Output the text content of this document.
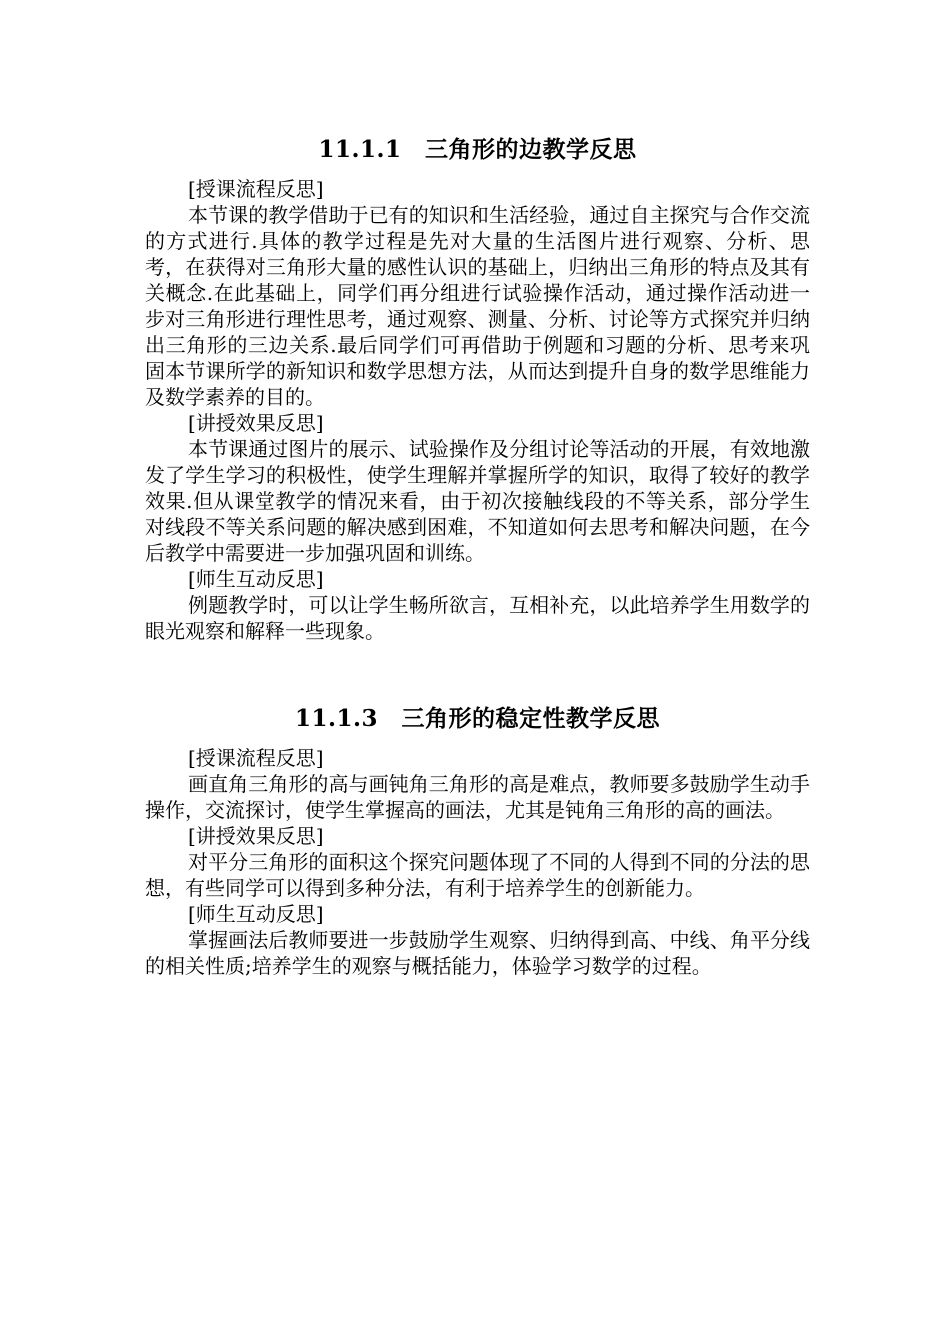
11.1.1　三角形的边教学反思

[授课流程反思]

本节课的教学借助于已有的知识和生活经验，通过自主探究与合作交流的方式进行.具体的教学过程是先对大量的生活图片进行观察、分析、思考，在获得对三角形大量的感性认识的基础上，归纳出三角形的特点及其有关概念.在此基础上，同学们再分组进行试验操作活动，通过操作活动进一步对三角形进行理性思考，通过观察、测量、分析、讨论等方式探究并归纳出三角形的三边关系.最后同学们可再借助于例题和习题的分析、思考来巩固本节课所学的新知识和数学思想方法，从而达到提升自身的数学思维能力及数学素养的目的。

[讲授效果反思]

本节课通过图片的展示、试验操作及分组讨论等活动的开展，有效地激发了学生学习的积极性，使学生理解并掌握所学的知识，取得了较好的教学效果.但从课堂教学的情况来看，由于初次接触线段的不等关系，部分学生对线段不等关系问题的解决感到困难，不知道如何去思考和解决问题，在今后教学中需要进一步加强巩固和训练。

[师生互动反思]

例题教学时，可以让学生畅所欲言，互相补充，以此培养学生用数学的眼光观察和解释一些现象。

11.1.3　三角形的稳定性教学反思

[授课流程反思]

画直角三角形的高与画钝角三角形的高是难点，教师要多鼓励学生动手操作，交流探讨，使学生掌握高的画法，尤其是钝角三角形的高的画法。

[讲授效果反思]

对平分三角形的面积这个探究问题体现了不同的人得到不同的分法的思想，有些同学可以得到多种分法，有利于培养学生的创新能力。

[师生互动反思]

掌握画法后教师要进一步鼓励学生观察、归纳得到高、中线、角平分线的相关性质;培养学生的观察与概括能力，体验学习数学的过程。
